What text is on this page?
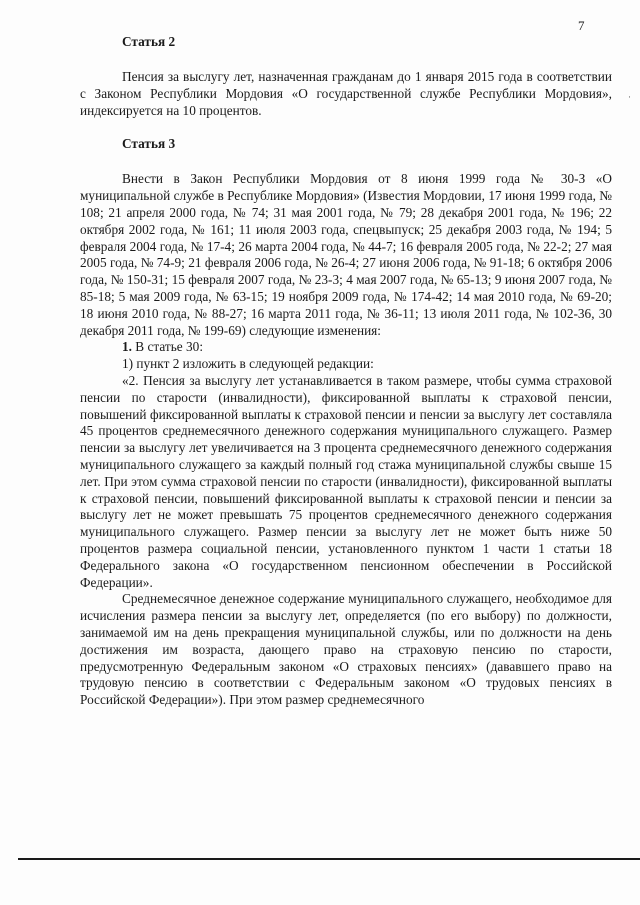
7
·
Статья 2

Пенсия за выслугу лет, назначенная гражданам до 1 января 2015 года в соответствии с Законом Республики Мордовия «О государственной службе Республики Мордовия», индексируется на 10 процентов.

Статья 3

Внести в Закон Республики Мордовия от 8 июня 1999 года № 30-З «О муниципальной службе в Республике Мордовия» (Известия Мордовии, 17 июня 1999 года, № 108; 21 апреля 2000 года, № 74; 31 мая 2001 года, № 79; 28 декабря 2001 года, № 196; 22 октября 2002 года, № 161; 11 июля 2003 года, спецвыпуск; 25 декабря 2003 года, № 194; 5 февраля 2004 года, № 17-4; 26 марта 2004 года, № 44-7; 16 февраля 2005 года, № 22-2; 27 мая 2005 года, № 74-9; 21 февраля 2006 года, № 26-4; 27 июня 2006 года, № 91-18; 6 октября 2006 года, № 150-31; 15 февраля 2007 года, № 23-3; 4 мая 2007 года, № 65-13; 9 июня 2007 года, № 85-18; 5 мая 2009 года, № 63-15; 19 ноября 2009 года, № 174-42; 14 мая 2010 года, № 69-20; 18 июня 2010 года, № 88-27; 16 марта 2011 года, № 36-11; 13 июля 2011 года, № 102-36, 30 декабря 2011 года, № 199-69) следующие изменения:

1. В статье 30:

1) пункт 2 изложить в следующей редакции:

«2. Пенсия за выслугу лет устанавливается в таком размере, чтобы сумма страховой пенсии по старости (инвалидности), фиксированной выплаты к страховой пенсии, повышений фиксированной выплаты к страховой пенсии и пенсии за выслугу лет составляла 45 процентов среднемесячного денежного содержания муниципального служащего. Размер пенсии за выслугу лет увеличивается на 3 процента среднемесячного денежного содержания муниципального служащего за каждый полный год стажа муниципальной службы свыше 15 лет. При этом сумма страховой пенсии по старости (инвалидности), фиксированной выплаты к страховой пенсии, повышений фиксированной выплаты к страховой пенсии и пенсии за выслугу лет не может превышать 75 процентов среднемесячного денежного содержания муниципального служащего. Размер пенсии за выслугу лет не может быть ниже 50 процентов размера социальной пенсии, установленного пунктом 1 части 1 статьи 18 Федерального закона «О государственном пенсионном обеспечении в Российской Федерации».

Среднемесячное денежное содержание муниципального служащего, необходимое для исчисления размера пенсии за выслугу лет, определяется (по его выбору) по должности, занимаемой им на день прекращения муниципальной службы, или по должности на день достижения им возраста, дающего право на страховую пенсию по старости, предусмотренную Федеральным законом «О страховых пенсиях» (дававшего право на трудовую пенсию в соответствии с Федеральным законом «О трудовых пенсиях в Российской Федерации»). При этом размер среднемесячного
